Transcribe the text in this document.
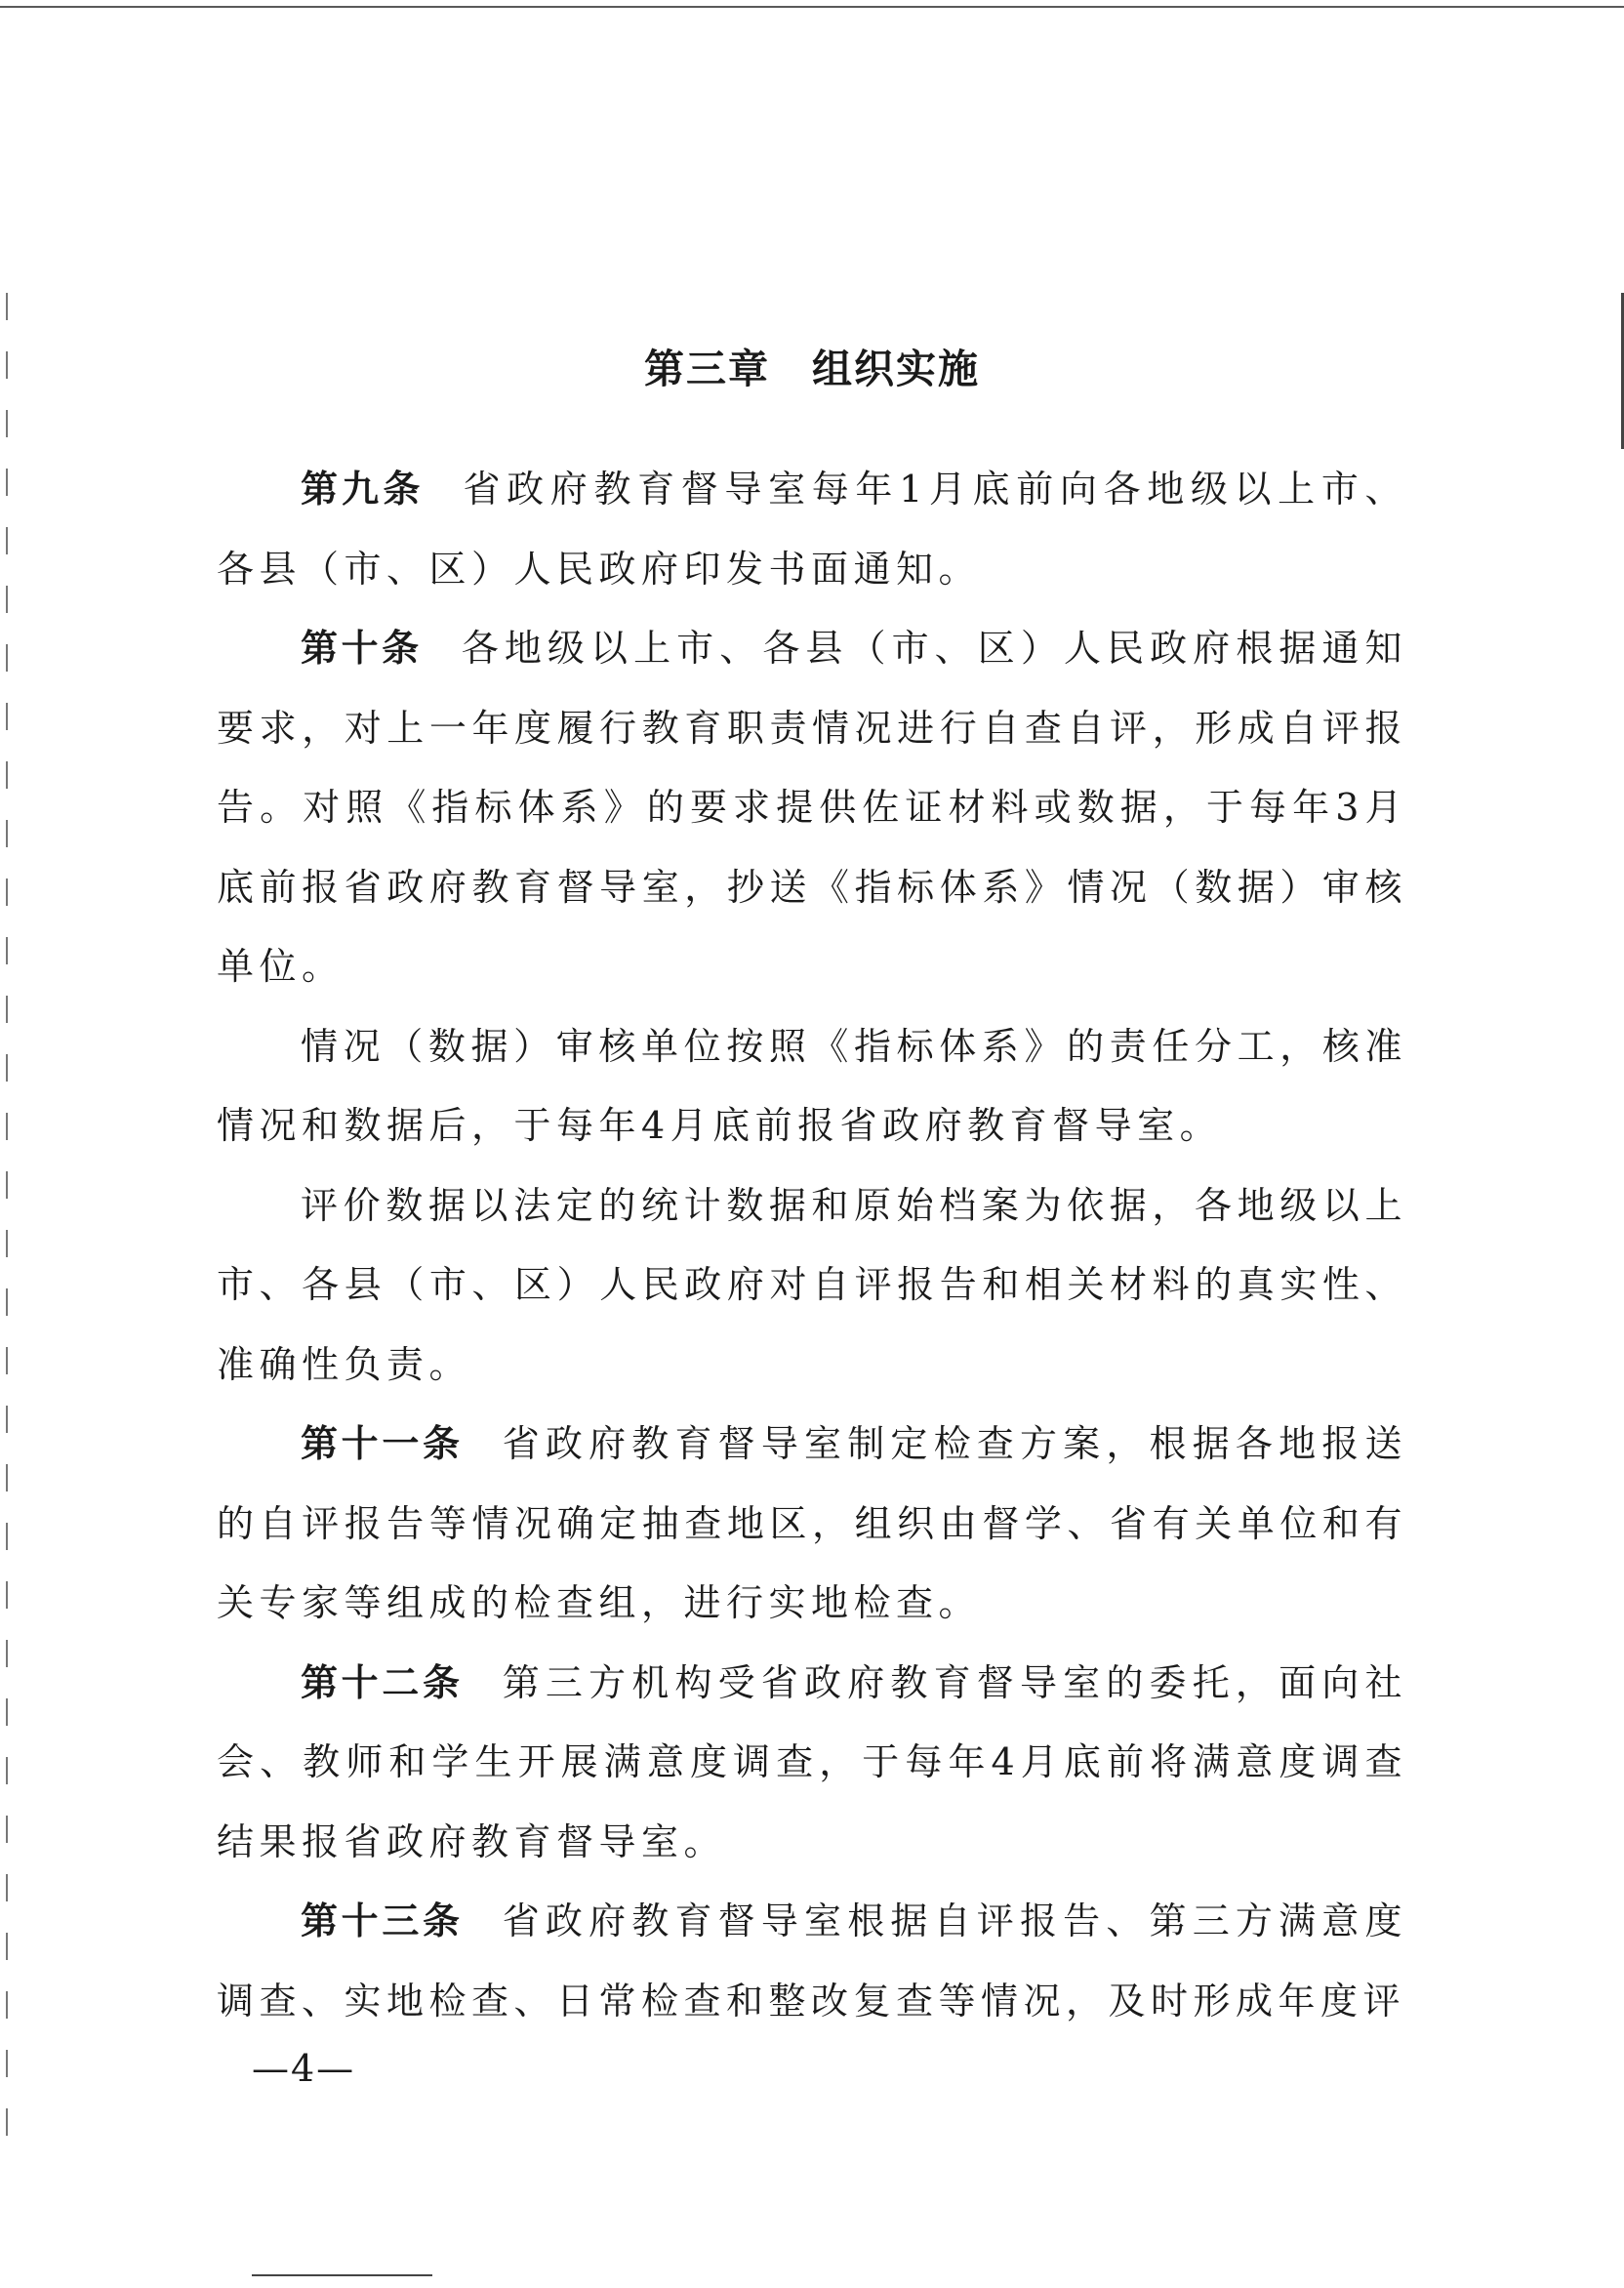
第三章　组织实施

第九条 省政府教育督导室每年1月底前向各地级以上市、各县（市、区）人民政府印发书面通知。

第十条 各地级以上市、各县（市、区）人民政府根据通知要求，对上一年度履行教育职责情况进行自查自评，形成自评报告。对照《指标体系》的要求提供佐证材料或数据，于每年3月底前报省政府教育督导室，抄送《指标体系》情况（数据）审核单位。

情况（数据）审核单位按照《指标体系》的责任分工，核准情况和数据后，于每年4月底前报省政府教育督导室。

评价数据以法定的统计数据和原始档案为依据，各地级以上市、各县（市、区）人民政府对自评报告和相关材料的真实性、准确性负责。

第十一条 省政府教育督导室制定检查方案，根据各地报送的自评报告等情况确定抽查地区，组织由督学、省有关单位和有关专家等组成的检查组，进行实地检查。

第十二条 第三方机构受省政府教育督导室的委托，面向社会、教师和学生开展满意度调查，于每年4月底前将满意度调查结果报省政府教育督导室。

第十三条 省政府教育督导室根据自评报告、第三方满意度调查、实地检查、日常检查和整改复查等情况，及时形成年度评

—4—
